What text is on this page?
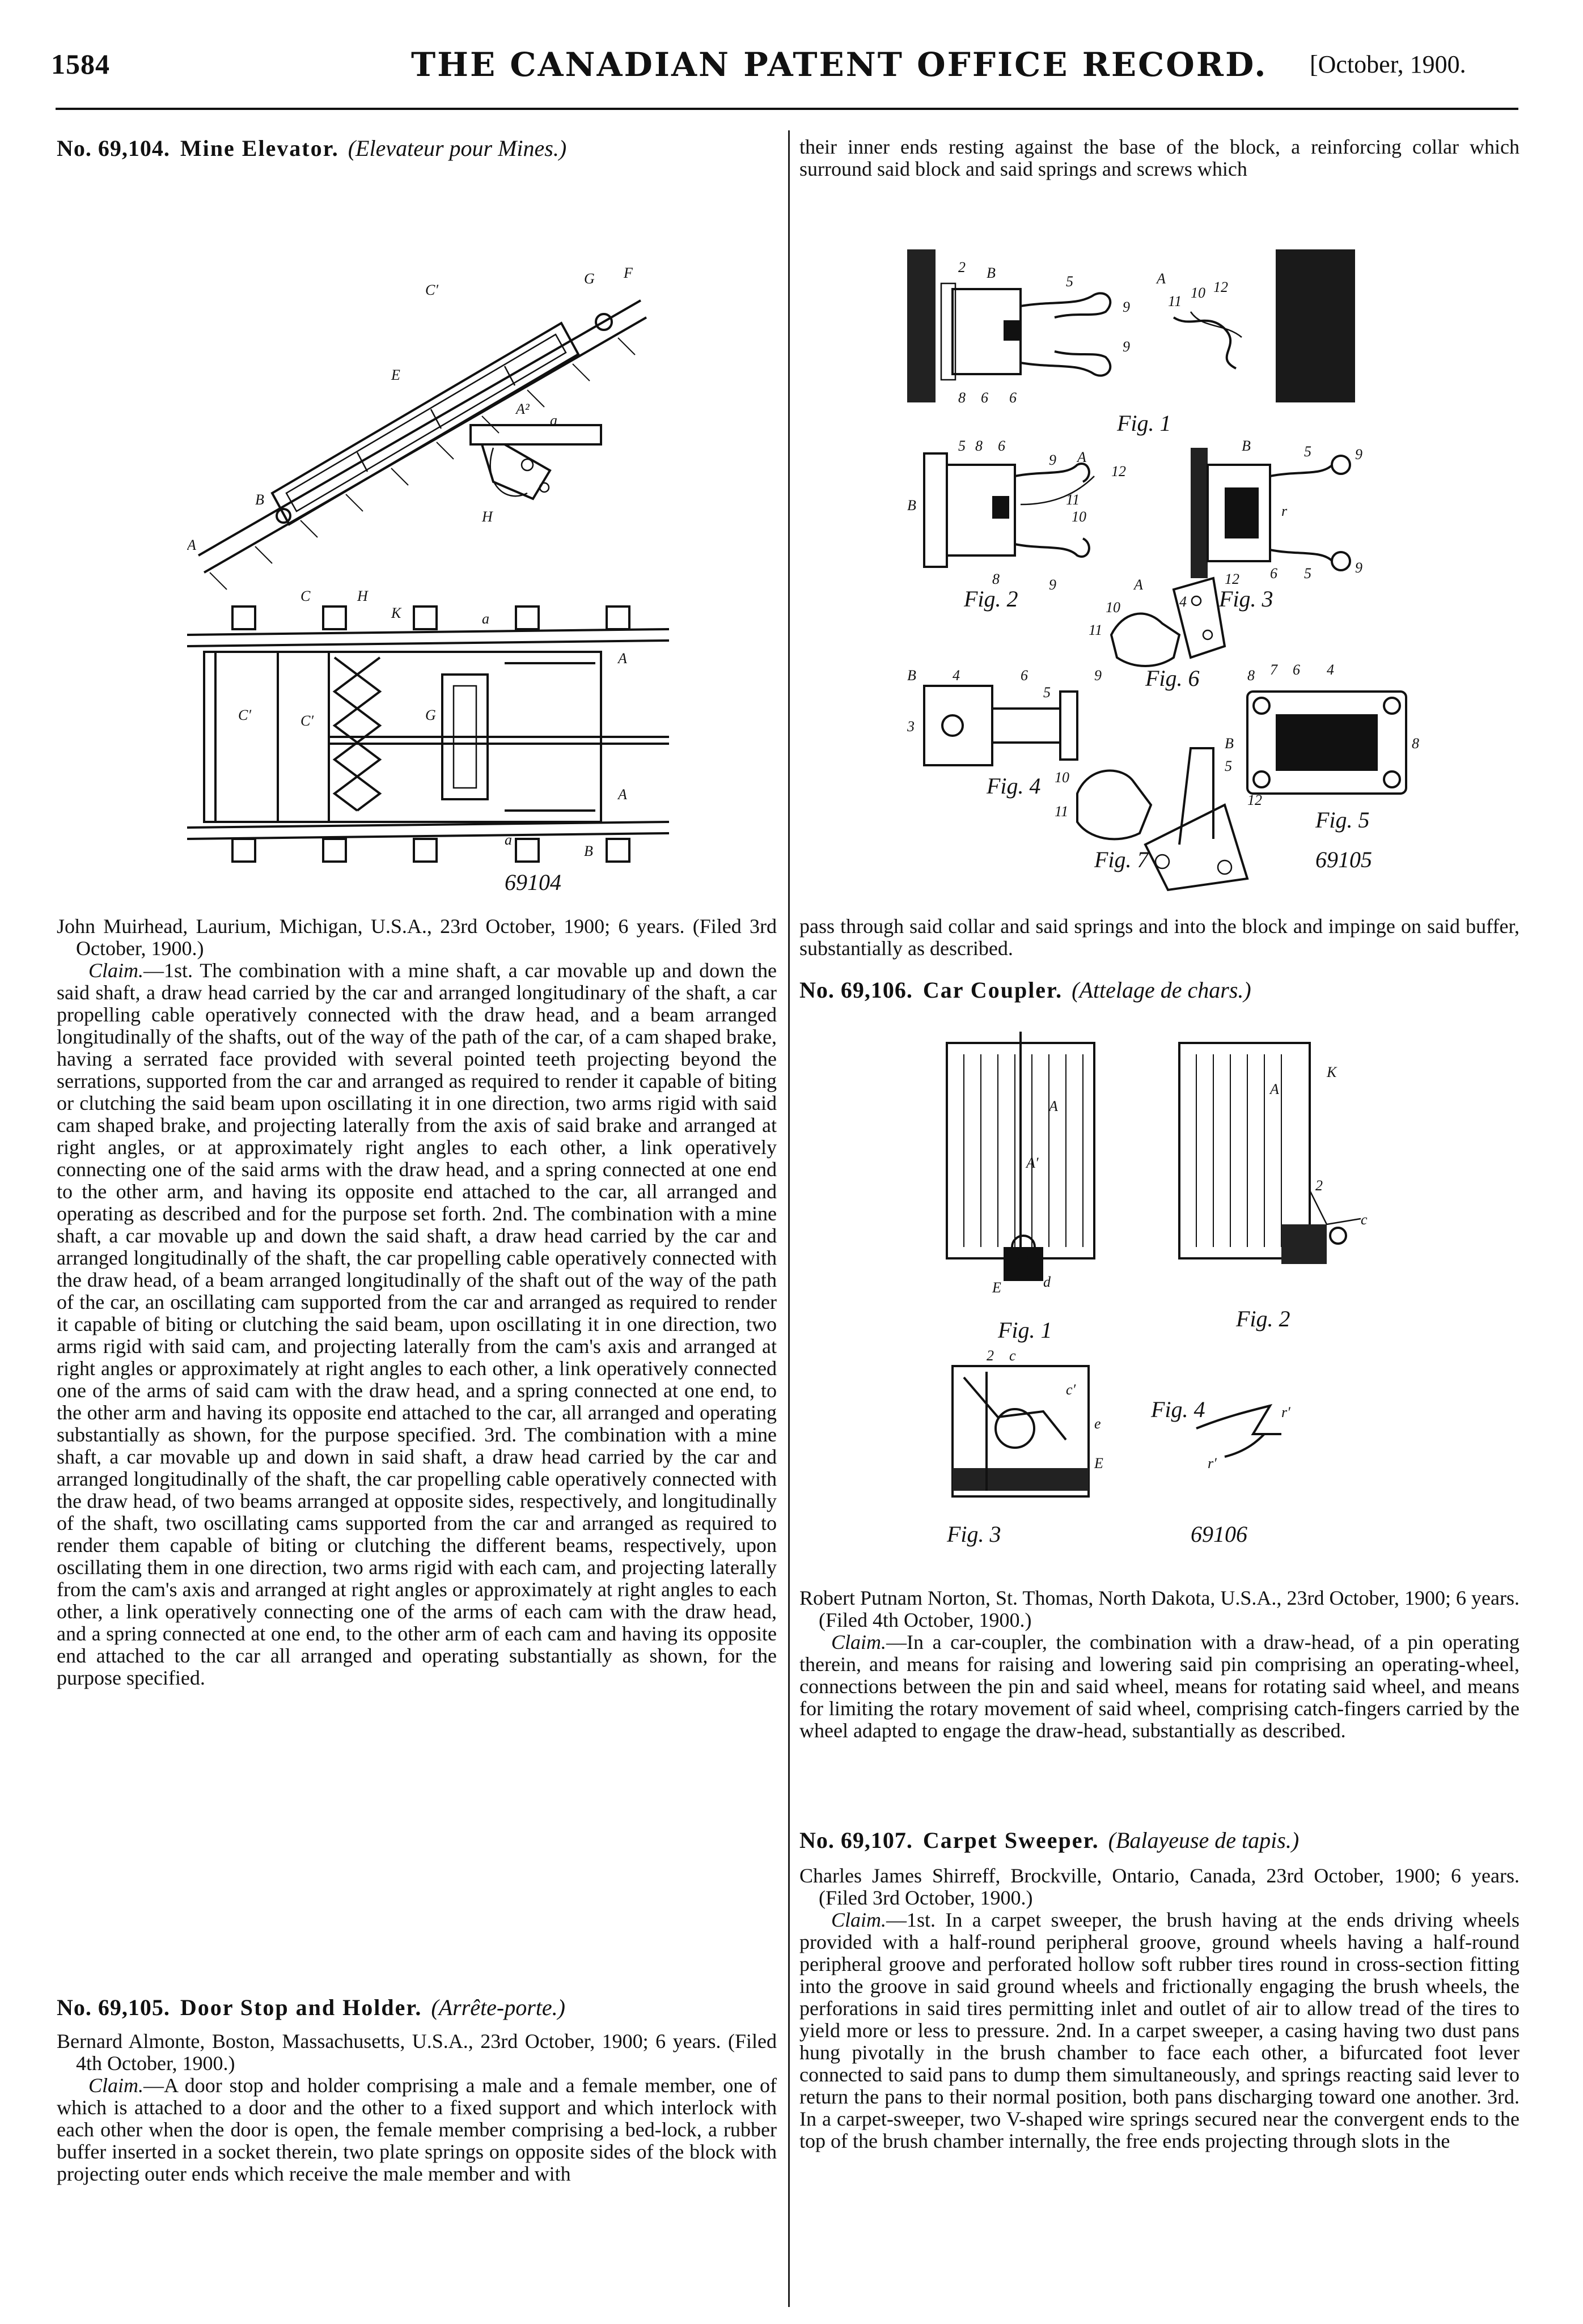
1584	THE CANADIAN PATENT OFFICE RECORD. [October, 1900.
No. 69,104. Mine Elevator. (Elevateur pour Mines.)
G F
C′
E
B
A
a
A²
H
C	H
K	a
A
C′	C′	G
A
a
B
69104

John Muirhead, Laurium, Michigan, U.S.A., 23rd October, 1900; 6 years. (Filed 3rd October, 1900.)

Claim.—1st. The combination with a mine shaft, a car movable up and down the said shaft, a draw head carried by the car and arranged longitudinary of the shaft, a car propelling cable operatively connected with the draw head, and a beam arranged longitudinally of the shafts, out of the way of the path of the car, of a cam shaped brake, having a serrated face provided with several pointed teeth projecting beyond the serrations, supported from the car and arranged as required to render it capable of biting or clutching the said beam upon oscillating it in one direction, two arms rigid with said cam shaped brake, and projecting laterally from the axis of said brake and arranged at right angles, or at approximately right angles to each other, a link operatively connecting one of the said arms with the draw head, and a spring connected at one end to the other arm, and having its opposite end attached to the car, all arranged and operating as described and for the purpose set forth. 2nd. The combination with a mine shaft, a car movable up and down the said shaft, a draw head carried by the car and arranged longitudinally of the shaft, the car propelling cable operatively connected with the draw head, of a beam arranged longitudinally of the shaft out of the way of the path of the car, an oscillating cam supported from the car and arranged as required to render it capable of biting or clutching the said beam, upon oscillating it in one direction, two arms rigid with said cam, and projecting laterally from the cam's axis and arranged at right angles or approximately at right angles to each other, a link operatively connected one of the arms of said cam with the draw head, and a spring connected at one end, to the other arm and having its opposite end attached to the car, all arranged and operating substantially as shown, for the purpose specified. 3rd. The combination with a mine shaft, a car movable up and down in said shaft, a draw head carried by the car and arranged longitudinally of the shaft, the car propelling cable operatively connected with the draw head, of two beams arranged at opposite sides, respectively, and longitudinally of the shaft, two oscillating cams supported from the car and arranged as required to render them capable of biting or clutching the different beams, respectively, upon oscillating them in one direction, two arms rigid with each cam, and projecting laterally from the cam's axis and arranged at right angles or approximately at right angles to each other, a link operatively connecting one of the arms of each cam with the draw head, and a spring connected at one end, to the other arm of each cam and having its opposite end attached to the car all arranged and operating substantially as shown, for the purpose specified.

No. 69,105. Door Stop and Holder. (Arrête-porte.)

Bernard Almonte, Boston, Massachusetts, U.S.A., 23rd October, 1900; 6 years. (Filed 4th October, 1900.)

Claim.—A door stop and holder comprising a male and a female member, one of which is attached to a door and the other to a fixed support and which interlock with each other when the door is open, the female member comprising a bed-lock, a rubber buffer inserted in a socket therein, two plate springs on opposite sides of the block with projecting outer ends which receive the male member and with

their inner ends resting against the base of the block, a reinforcing collar which surround said block and said springs and screws which

2 B
5
9
A
11
10 12
9
8 6 6
Fig. 1
B
5 8 6
9 A
12
11
10
8	9
Fig. 2
B	5	9
r
6 5	9
4 Fig. 3
A
10
11
12
9 Fig. 6
B 4	6
5
3
Fig. 4
8 7 6 4
B	8
Fig. 5
10
11
5
12
Fig. 7	69105

pass through said collar and said springs and into the block and impinge on said buffer, substantially as described.

No. 69,106. Car Coupler. (Attelage de chars.)
A
A′
E	d
Fig. 1
A
K
2
c
Fig. 2
2 c
c′
e
E
Fig. 3
r′
r′
Fig. 4
69106

Robert Putnam Norton, St. Thomas, North Dakota, U.S.A., 23rd October, 1900; 6 years. (Filed 4th October, 1900.)

Claim.—In a car-coupler, the combination with a draw-head, of a pin operating therein, and means for raising and lowering said pin comprising an operating-wheel, connections between the pin and said wheel, means for rotating said wheel, and means for limiting the rotary movement of said wheel, comprising catch-fingers carried by the wheel adapted to engage the draw-head, substantially as described.

No. 69,107. Carpet Sweeper. (Balayeuse de tapis.)

Charles James Shirreff, Brockville, Ontario, Canada, 23rd October, 1900; 6 years. (Filed 3rd October, 1900.)

Claim.—1st. In a carpet sweeper, the brush having at the ends driving wheels provided with a half-round peripheral groove, ground wheels having a half-round peripheral groove and perforated hollow soft rubber tires round in cross-section fitting into the groove in said ground wheels and frictionally engaging the brush wheels, the perforations in said tires permitting inlet and outlet of air to allow tread of the tires to yield more or less to pressure. 2nd. In a carpet sweeper, a casing having two dust pans hung pivotally in the brush chamber to face each other, a bifurcated foot lever connected to said pans to dump them simultaneously, and springs reacting said lever to return the pans to their normal position, both pans discharging toward one another. 3rd. In a carpet-sweeper, two V-shaped wire springs secured near the convergent ends to the top of the brush chamber internally, the free ends projecting through slots in the
